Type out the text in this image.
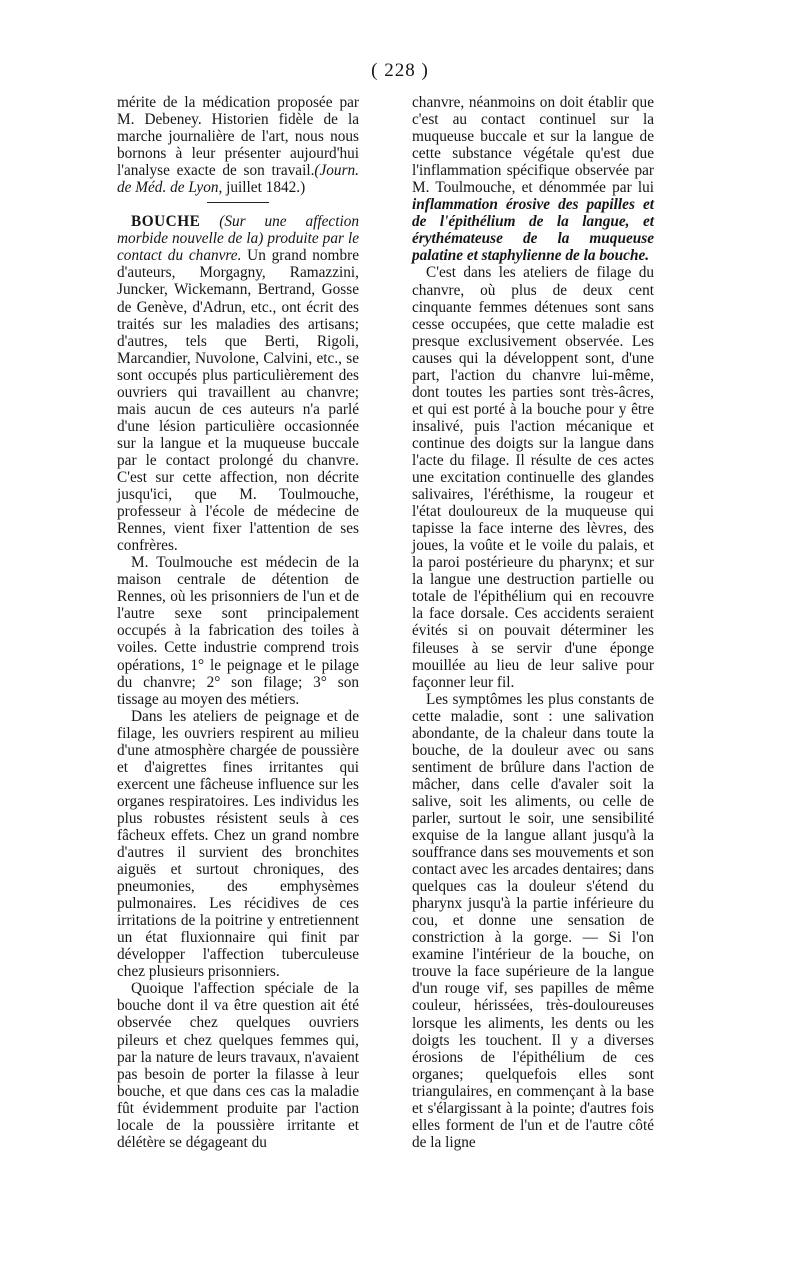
( 228 )

mérite de la médication proposée par M. Debeney. Historien fidèle de la marche journalière de l'art, nous nous bornons à leur présenter aujourd'hui l'analyse exacte de son travail.(Journ. de Méd. de Lyon, juillet 1842.)

BOUCHE (Sur une affection morbide nouvelle de la) produite par le contact du chanvre. Un grand nombre d'auteurs, Morgagny, Ramazzini, Juncker, Wickemann, Bertrand, Gosse de Genève, d'Adrun, etc., ont écrit des traités sur les maladies des artisans; d'autres, tels que Berti, Rigoli, Marcandier, Nuvolone, Calvini, etc., se sont occupés plus particulièrement des ouvriers qui travaillent au chanvre; mais aucun de ces auteurs n'a parlé d'une lésion particulière occasionnée sur la langue et la muqueuse buccale par le contact prolongé du chanvre. C'est sur cette affection, non décrite jusqu'ici, que M. Toulmouche, professeur à l'école de médecine de Rennes, vient fixer l'attention de ses confrères.

M. Toulmouche est médecin de la maison centrale de détention de Rennes, où les prisonniers de l'un et de l'autre sexe sont principalement occupés à la fabrication des toiles à voiles. Cette industrie comprend trois opérations, 1° le peignage et le pilage du chanvre; 2° son filage; 3° son tissage au moyen des métiers.

Dans les ateliers de peignage et de filage, les ouvriers respirent au milieu d'une atmosphère chargée de poussière et d'aigrettes fines irritantes qui exercent une fâcheuse influence sur les organes respiratoires. Les individus les plus robustes résistent seuls à ces fâcheux effets. Chez un grand nombre d'autres il survient des bronchites aiguës et surtout chroniques, des pneumonies, des emphysèmes pulmonaires. Les récidives de ces irritations de la poitrine y entretiennent un état fluxionnaire qui finit par développer l'affection tuberculeuse chez plusieurs prisonniers.

Quoique l'affection spéciale de la bouche dont il va être question ait été observée chez quelques ouvriers pileurs et chez quelques femmes qui, par la nature de leurs travaux, n'avaient pas besoin de porter la filasse à leur bouche, et que dans ces cas la maladie fût évidemment produite par l'action locale de la poussière irritante et délétère se dégageant du

chanvre, néanmoins on doit établir que c'est au contact continuel sur la muqueuse buccale et sur la langue de cette substance végétale qu'est due l'inflammation spécifique observée par M. Toulmouche, et dénommée par lui inflammation érosive des papilles et de l'épithélium de la langue, et érythémateuse de la muqueuse palatine et staphylienne de la bouche.

C'est dans les ateliers de filage du chanvre, où plus de deux cent cinquante femmes détenues sont sans cesse occupées, que cette maladie est presque exclusivement observée. Les causes qui la développent sont, d'une part, l'action du chanvre lui-même, dont toutes les parties sont très-âcres, et qui est porté à la bouche pour y être insalivé, puis l'action mécanique et continue des doigts sur la langue dans l'acte du filage. Il résulte de ces actes une excitation continuelle des glandes salivaires, l'éréthisme, la rougeur et l'état douloureux de la muqueuse qui tapisse la face interne des lèvres, des joues, la voûte et le voile du palais, et la paroi postérieure du pharynx; et sur la langue une destruction partielle ou totale de l'épithélium qui en recouvre la face dorsale. Ces accidents seraient évités si on pouvait déterminer les fileuses à se servir d'une éponge mouillée au lieu de leur salive pour façonner leur fil.

Les symptômes les plus constants de cette maladie, sont : une salivation abondante, de la chaleur dans toute la bouche, de la douleur avec ou sans sentiment de brûlure dans l'action de mâcher, dans celle d'avaler soit la salive, soit les aliments, ou celle de parler, surtout le soir, une sensibilité exquise de la langue allant jusqu'à la souffrance dans ses mouvements et son contact avec les arcades dentaires; dans quelques cas la douleur s'étend du pharynx jusqu'à la partie inférieure du cou, et donne une sensation de constriction à la gorge. — Si l'on examine l'intérieur de la bouche, on trouve la face supérieure de la langue d'un rouge vif, ses papilles de même couleur, hérissées, très-douloureuses lorsque les aliments, les dents ou les doigts les touchent. Il y a diverses érosions de l'épithélium de ces organes; quelquefois elles sont triangulaires, en commençant à la base et s'élargissant à la pointe; d'autres fois elles forment de l'un et de l'autre côté de la ligne
